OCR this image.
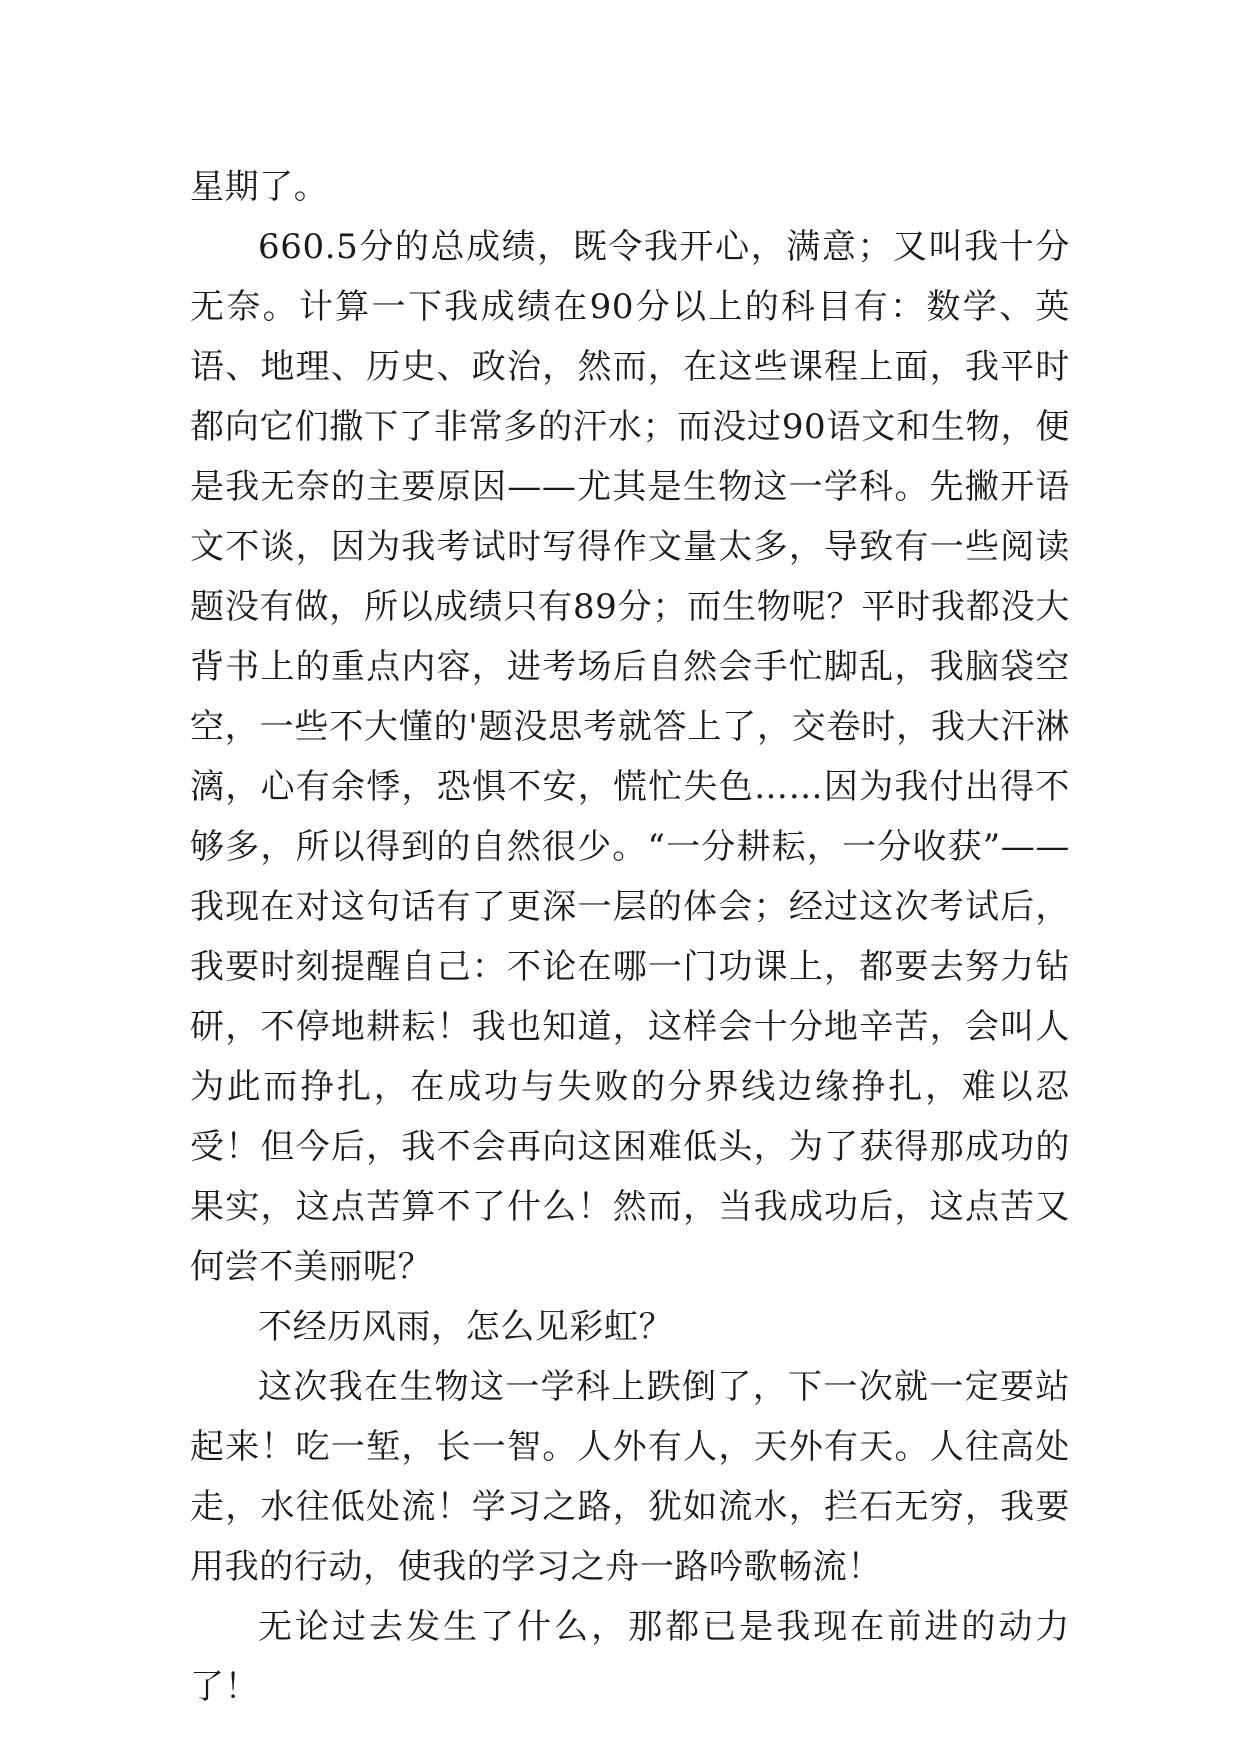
星期了。

660.5分的总成绩，既令我开心，满意；又叫我十分无奈。计算一下我成绩在90分以上的科目有：数学、英语、地理、历史、政治，然而，在这些课程上面，我平时都向它们撒下了非常多的汗水；而没过90语文和生物，便是我无奈的主要原因——尤其是生物这一学科。先撇开语文不谈，因为我考试时写得作文量太多，导致有一些阅读题没有做，所以成绩只有89分；而生物呢？平时我都没大背书上的重点内容，进考场后自然会手忙脚乱，我脑袋空空，一些不大懂的'题没思考就答上了，交卷时，我大汗淋漓，心有余悸，恐惧不安，慌忙失色……因为我付出得不够多，所以得到的自然很少。“一分耕耘，一分收获”——我现在对这句话有了更深一层的体会；经过这次考试后，我要时刻提醒自己：不论在哪一门功课上，都要去努力钻研，不停地耕耘！我也知道，这样会十分地辛苦，会叫人为此而挣扎，在成功与失败的分界线边缘挣扎，难以忍受！但今后，我不会再向这困难低头，为了获得那成功的果实，这点苦算不了什么！然而，当我成功后，这点苦又何尝不美丽呢？

不经历风雨，怎么见彩虹？

这次我在生物这一学科上跌倒了，下一次就一定要站起来！吃一堑，长一智。人外有人，天外有天。人往高处走，水往低处流！学习之路，犹如流水，拦石无穷，我要用我的行动，使我的学习之舟一路吟歌畅流！

无论过去发生了什么，那都已是我现在前进的动力了！
